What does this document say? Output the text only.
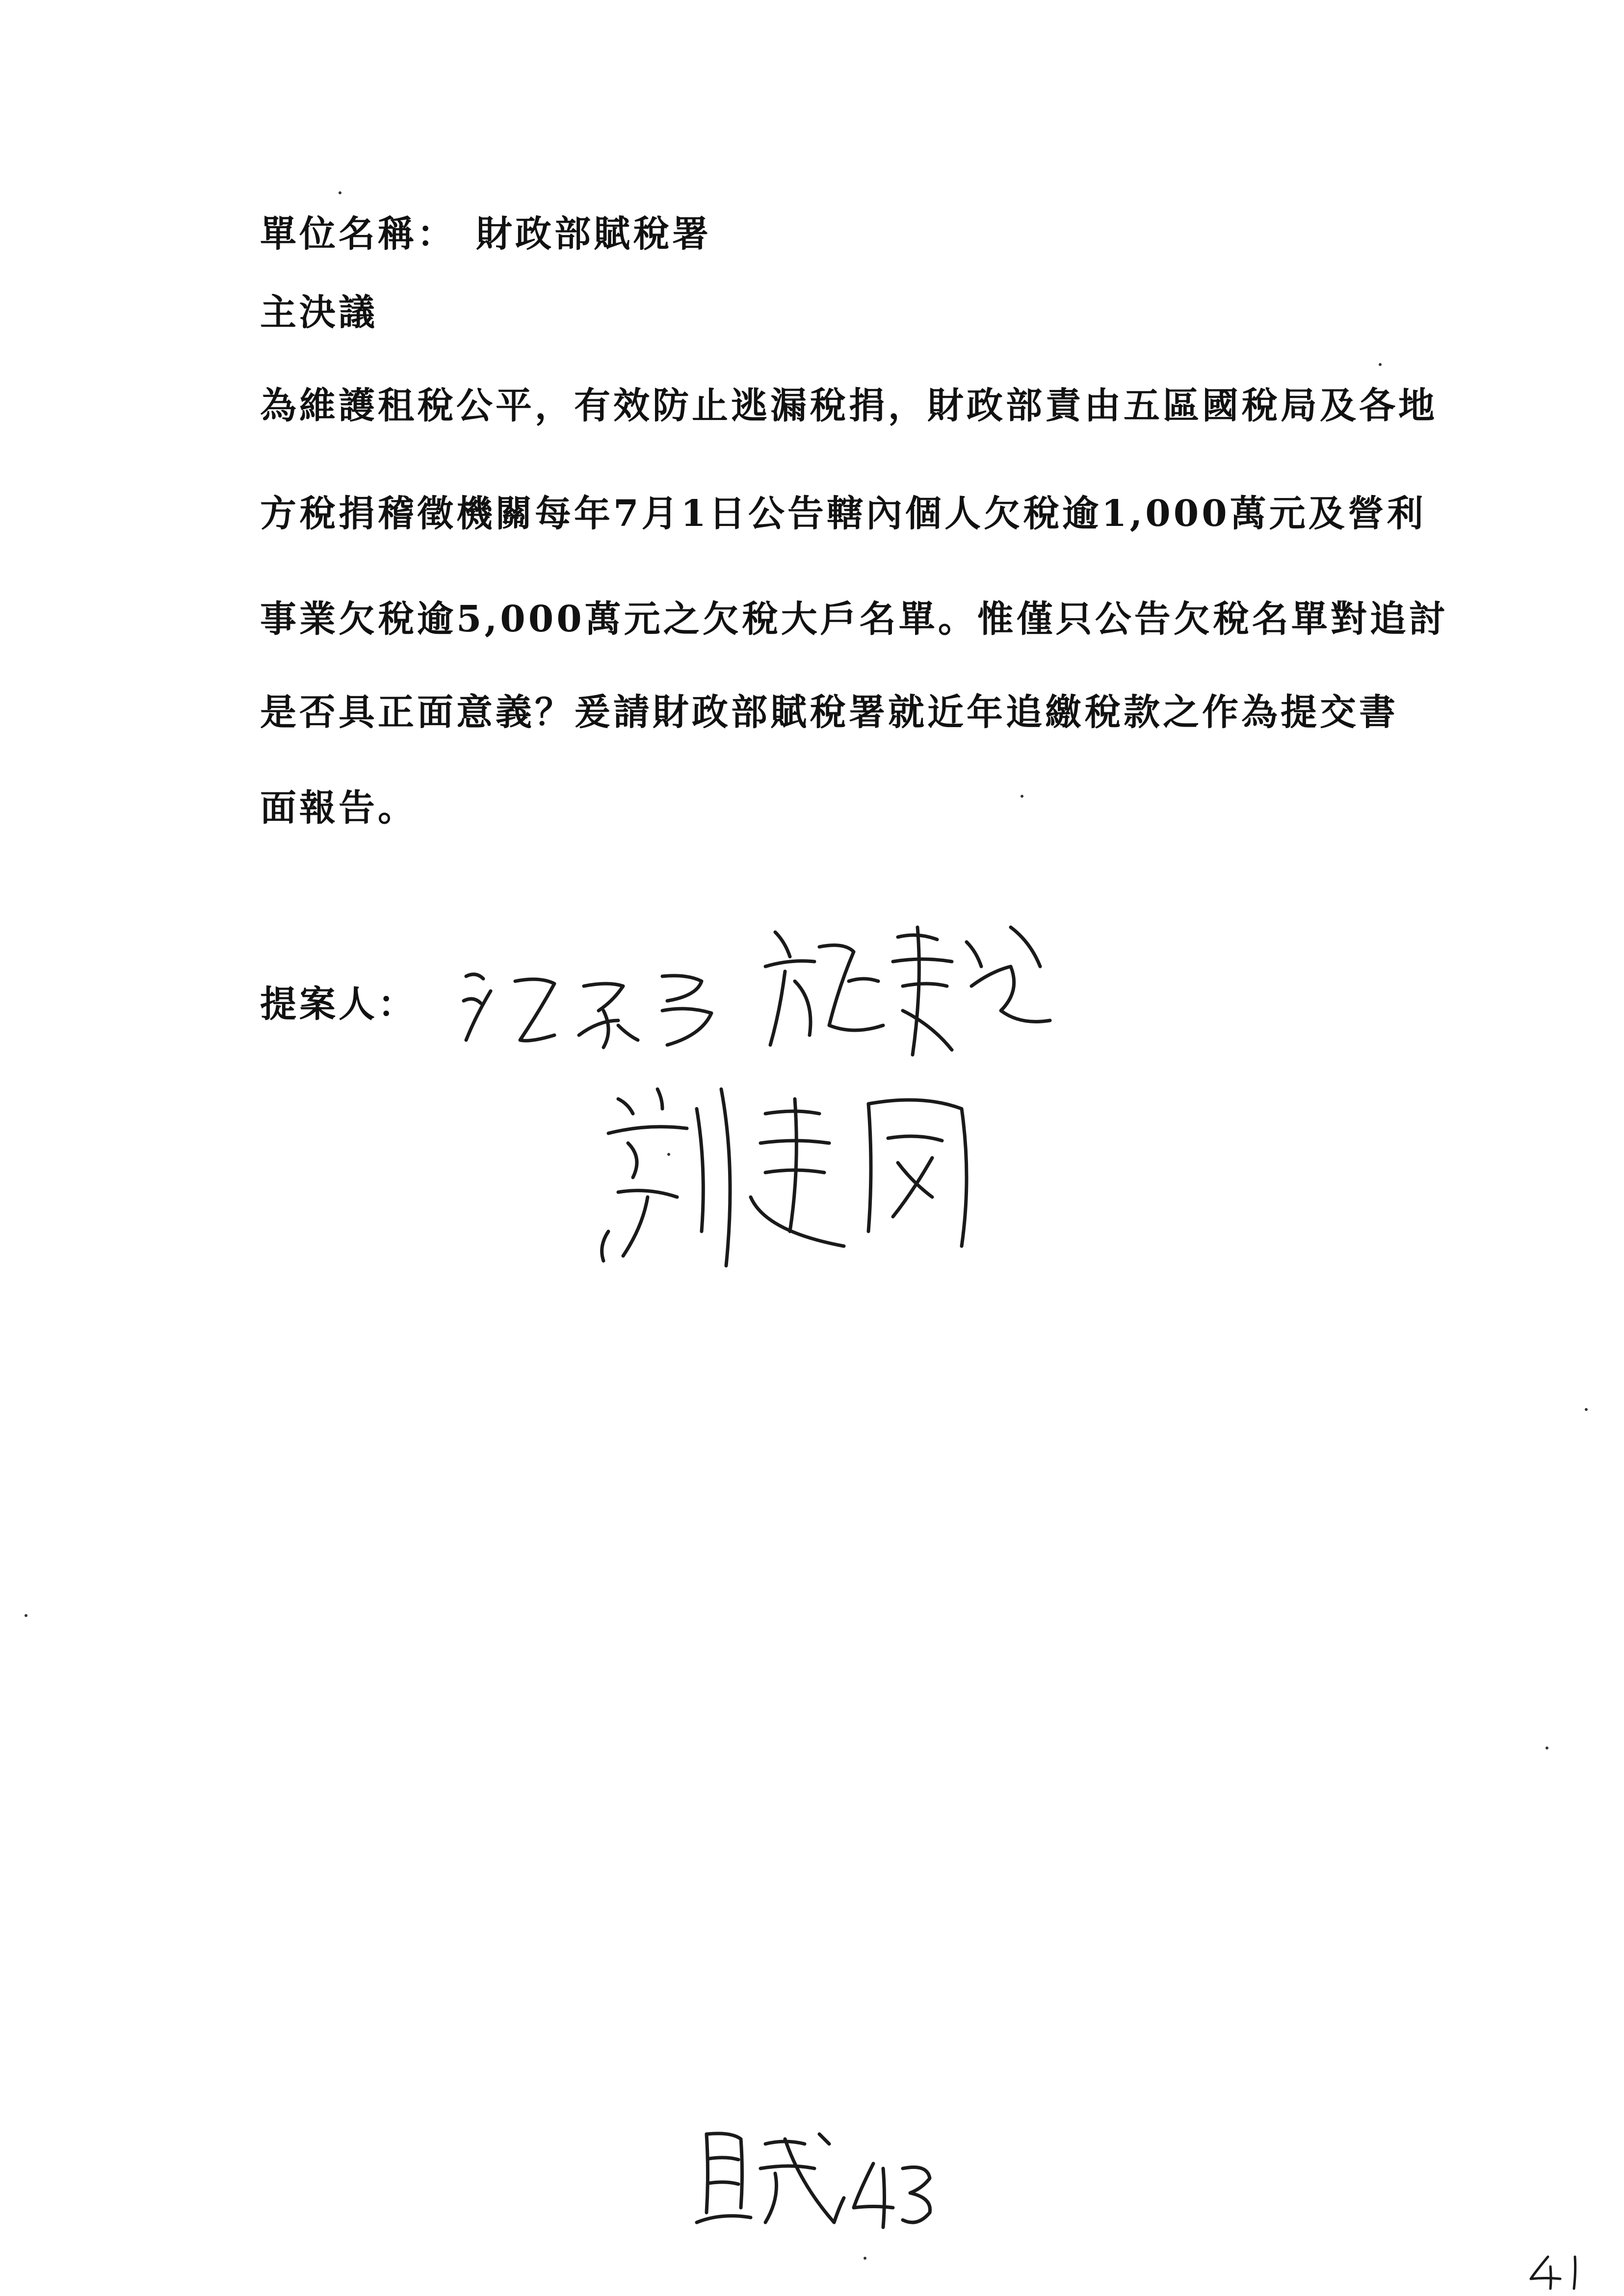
單位名稱： 財政部賦稅署
主決議
為維護租稅公平，有效防止逃漏稅捐，財政部責由五區國稅局及各地
方稅捐稽徵機關每年7月1日公告轄內個人欠稅逾1,000萬元及營利
事業欠稅逾5,000萬元之欠稅大戶名單。惟僅只公告欠稅名單對追討
是否具正面意義？爰請財政部賦稅署就近年追繳稅款之作為提交書
面報告。
提案人：
